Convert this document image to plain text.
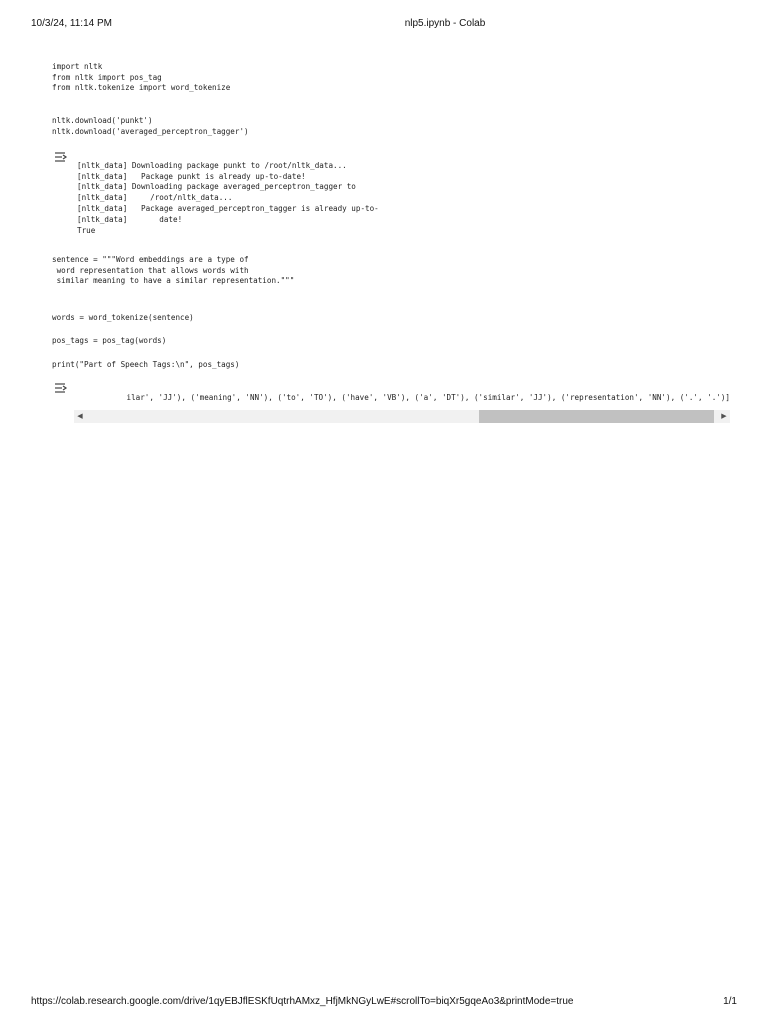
10/3/24, 11:14 PM	nlp5.ipynb - Colab

import nltk
from nltk import pos_tag
from nltk.tokenize import word_tokenize

nltk.download('punkt')
nltk.download('averaged_perceptron_tagger')

[nltk_data] Downloading package punkt to /root/nltk_data...
[nltk_data]   Package punkt is already up-to-date!
[nltk_data] Downloading package averaged_perceptron_tagger to
[nltk_data]     /root/nltk_data...
[nltk_data]   Package averaged_perceptron_tagger is already up-to-
[nltk_data]       date!
True

sentence = """Word embeddings are a type of
word representation that allows words with
similar meaning to have a similar representation."""

words = word_tokenize(sentence)

pos_tags = pos_tag(words)

print("Part of Speech Tags:\n", pos_tags)

ilar', 'JJ'), ('meaning', 'NN'), ('to', 'TO'), ('have', 'VB'), ('a', 'DT'), ('similar', 'JJ'), ('representation', 'NN'), ('.', '.')]
◀	▶
https://colab.research.google.com/drive/1qyEBJflESKfUqtrhAMxz_HfjMkNGyLwE#scrollTo=biqXr5gqeAo3&printMode=true	1/1
